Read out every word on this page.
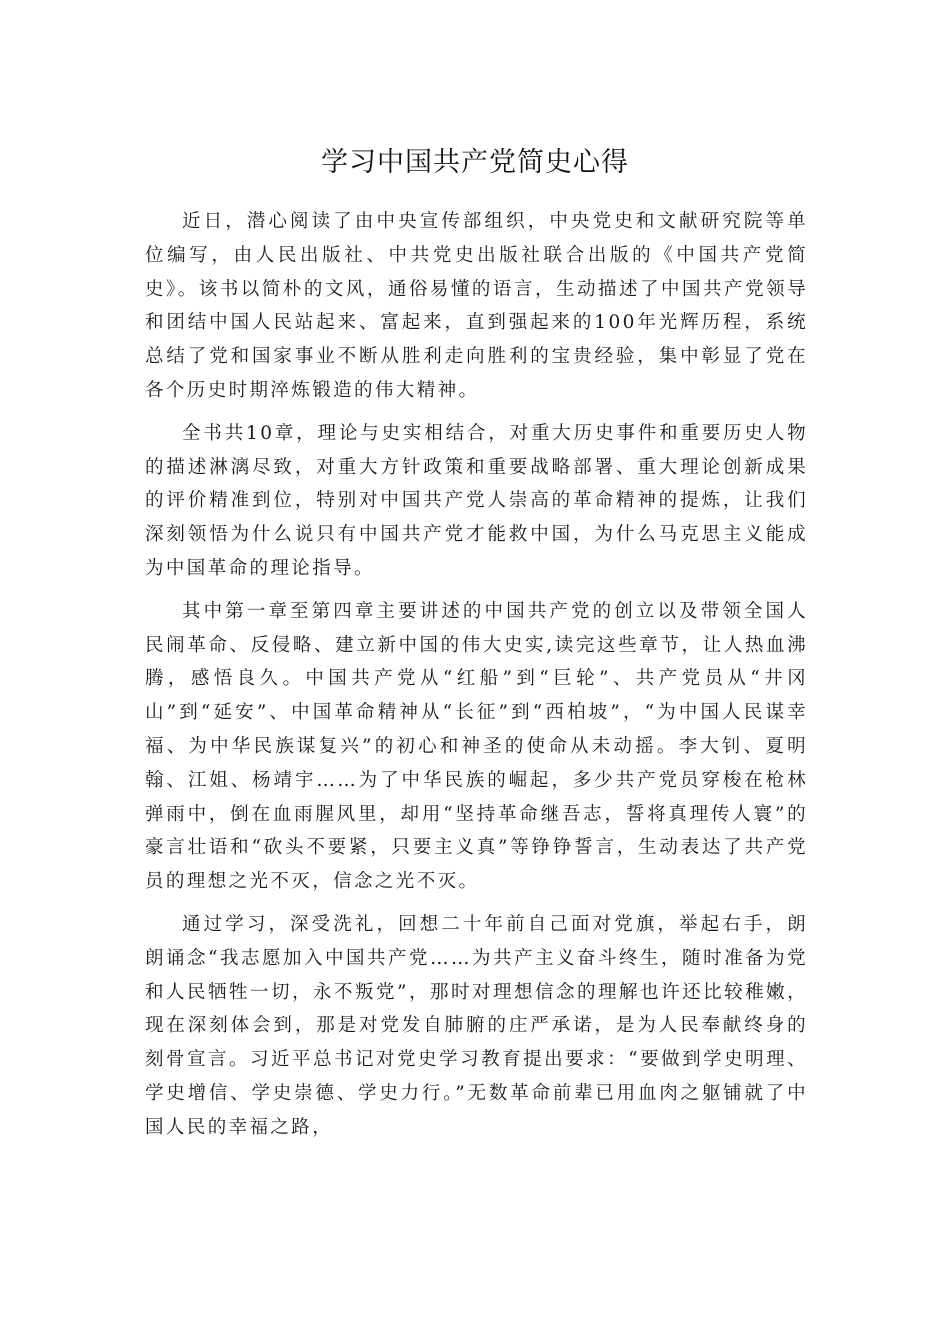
学习中国共产党简史心得

近日，潜心阅读了由中央宣传部组织，中央党史和文献研究院等单位编写，由人民出版社、中共党史出版社联合出版的《中国共产党简史》。该书以简朴的文风，通俗易懂的语言，生动描述了中国共产党领导和团结中国人民站起来、富起来，直到强起来的100年光辉历程，系统总结了党和国家事业不断从胜利走向胜利的宝贵经验，集中彰显了党在各个历史时期淬炼锻造的伟大精神。

全书共10章，理论与史实相结合，对重大历史事件和重要历史人物的描述淋漓尽致，对重大方针政策和重要战略部署、重大理论创新成果的评价精准到位，特别对中国共产党人崇高的革命精神的提炼，让我们深刻领悟为什么说只有中国共产党才能救中国，为什么马克思主义能成为中国革命的理论指导。

其中第一章至第四章主要讲述的中国共产党的创立以及带领全国人民闹革命、反侵略、建立新中国的伟大史实,读完这些章节，让人热血沸腾，感悟良久。中国共产党从“红船”到“巨轮”、共产党员从“井冈山”到“延安”、中国革命精神从“长征”到“西柏坡”，“为中国人民谋幸福、为中华民族谋复兴”的初心和神圣的使命从未动摇。李大钊、夏明翰、江姐、杨靖宇……为了中华民族的崛起，多少共产党员穿梭在枪林弹雨中，倒在血雨腥风里，却用“坚持革命继吾志，誓将真理传人寰”的豪言壮语和“砍头不要紧，只要主义真”等铮铮誓言，生动表达了共产党员的理想之光不灭，信念之光不灭。

通过学习，深受洗礼，回想二十年前自己面对党旗，举起右手，朗朗诵念“我志愿加入中国共产党……为共产主义奋斗终生，随时准备为党和人民牺牲一切，永不叛党”，那时对理想信念的理解也许还比较稚嫩，现在深刻体会到，那是对党发自肺腑的庄严承诺，是为人民奉献终身的刻骨宣言。习近平总书记对党史学习教育提出要求：“要做到学史明理、学史增信、学史崇德、学史力行。”无数革命前辈已用血肉之躯铺就了中国人民的幸福之路，
